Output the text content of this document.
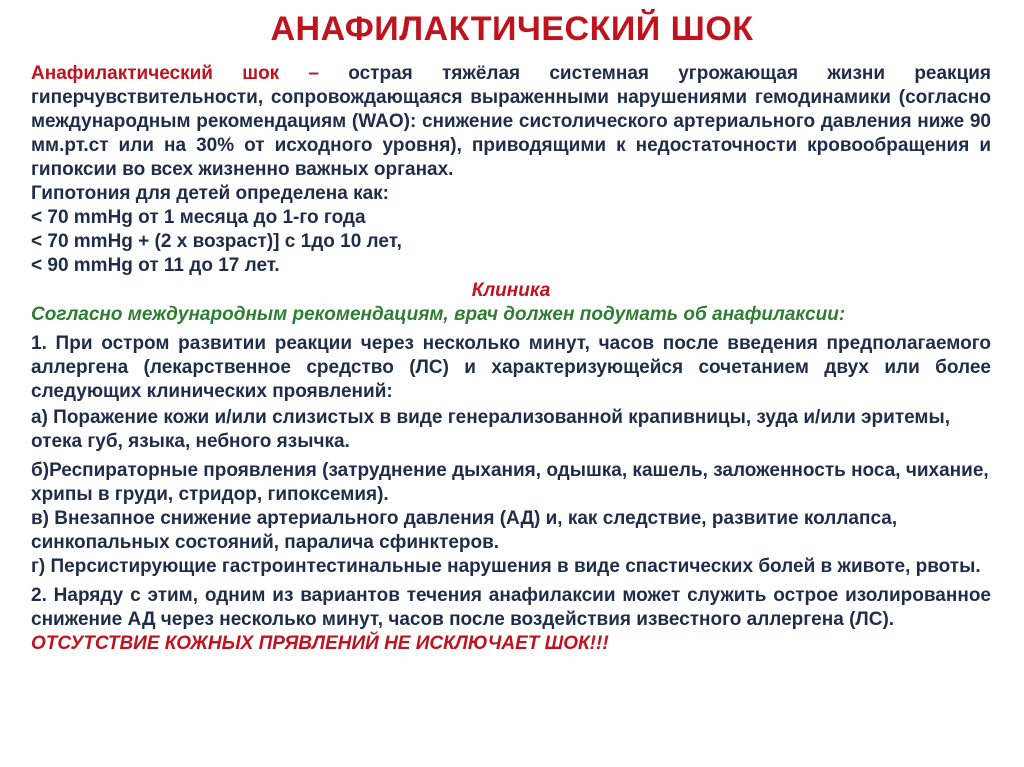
АНАФИЛАКТИЧЕСКИЙ ШОК

Анафилактический шок – острая тяжёлая системная угрожающая жизни реакция гиперчувствительности, сопровождающаяся выраженными нарушениями гемодинамики (согласно международным рекомендациям (WAO): снижение систолического артериального давления ниже 90 мм.рт.ст или на 30% от исходного уровня), приводящими к недостаточности кровообращения и гипоксии во всех жизненно важных органах.

Гипотония для детей определена как:

< 70 mmHg от 1 месяца до 1-го года

< 70 mmHg + (2 х возраст)] с 1до 10 лет,

< 90 mmHg от 11 до 17 лет.

Клиника

Согласно международным рекомендациям, врач должен подумать об анафилаксии:

1. При остром развитии реакции через несколько минут, часов после введения предполагаемого аллергена (лекарственное средство (ЛС) и характеризующейся сочетанием двух или более следующих клинических проявлений:

а) Поражение кожи и/или слизистых в виде генерализованной крапивницы, зуда и/или эритемы, отека губ, языка, небного язычка.

б)Респираторные проявления (затруднение дыхания, одышка, кашель, заложенность носа, чихание, хрипы в груди, стридор, гипоксемия).

в) Внезапное снижение артериального давления (АД) и, как следствие, развитие коллапса, синкопальных состояний, паралича сфинктеров.

г) Персистирующие гастроинтестинальные нарушения в виде спастических болей в животе, рвоты.

2. Наряду с этим, одним из вариантов течения анафилаксии может служить острое изолированное снижение АД через несколько минут, часов после воздействия известного аллергена (ЛС).

ОТСУТСТВИЕ КОЖНЫХ ПРЯВЛЕНИЙ НЕ ИСКЛЮЧАЕТ ШОК!!!
